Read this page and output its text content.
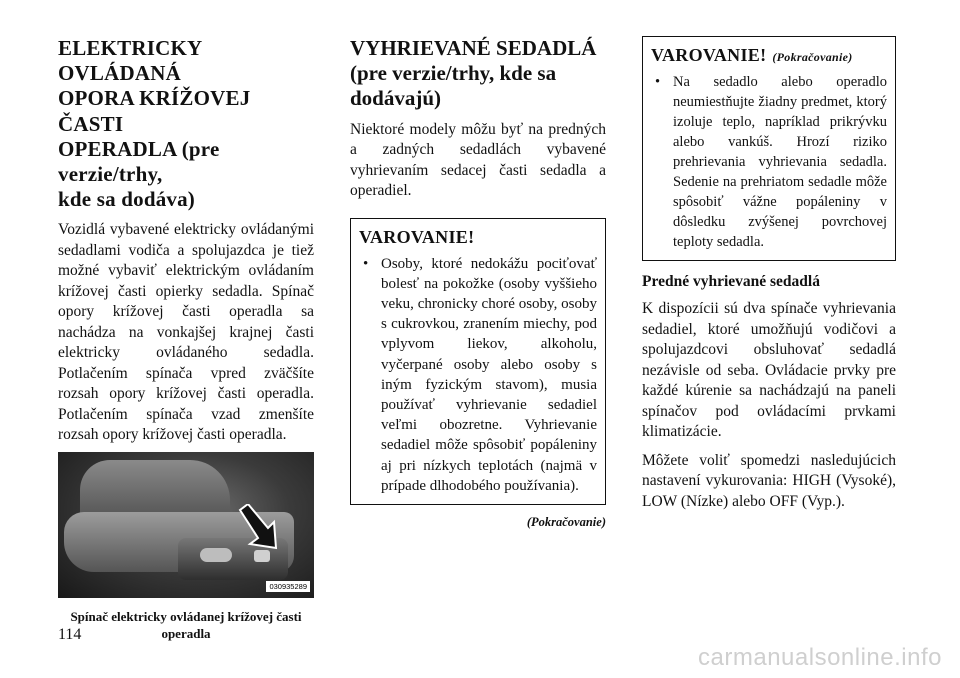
ELEKTRICKY OVLÁDANÁ
OPORA KRÍŽOVEJ ČASTI
OPERADLA (pre verzie/trhy,
kde sa dodáva)

Vozidlá vybavené elektricky ovládanými sedadlami vodiča a spolujazdca je tiež možné vybaviť elektrickým ovládaním krížovej časti opierky sedadla. Spínač opory krížovej časti operadla sa nachádza na vonkajšej krajnej časti elektricky ovládaného sedadla. Potlačením spínača vpred zväčšíte rozsah opory krížovej časti operadla. Potlačením spínača vzad zmenšíte rozsah opory krížovej časti operadla.

030935289
Spínač elektricky ovládanej krížovej časti
operadla
VYHRIEVANÉ SEDADLÁ
(pre verzie/trhy, kde sa
dodávajú)

Niektoré modely môžu byť na predných a zadných sedadlách vybavené vyhrievaním sedacej časti sedadla a operadiel.

VAROVANIE!
• Osoby, ktoré nedokážu pociťovať bolesť na pokožke (osoby vyššieho veku, chronicky choré osoby, osoby s cukrovkou, zranením miechy, pod vplyvom liekov, alkoholu, vyčerpané osoby alebo osoby s iným fyzickým stavom), musia používať vyhrievanie sedadiel veľmi obozretne. Vyhrievanie sedadiel môže spôsobiť popáleniny aj pri nízkych teplotách (najmä v prípade dlhodobého používania).
(Pokračovanie)
VAROVANIE! (Pokračovanie)
• Na sedadlo alebo operadlo neumiestňujte žiadny predmet, ktorý izoluje teplo, napríklad prikrývku alebo vankúš. Hrozí riziko prehrievania vyhrievania sedadla. Sedenie na prehriatom sedadle môže spôsobiť vážne popáleniny v dôsledku zvýšenej povrchovej teploty sedadla.
Predné vyhrievané sedadlá

K dispozícii sú dva spínače vyhrievania sedadiel, ktoré umožňujú vodičovi a spolujazdcovi obsluhovať sedadlá nezávisle od seba. Ovládacie prvky pre každé kúrenie sa nachádzajú na paneli spínačov pod ovládacími prvkami klimatizácie.

Môžete voliť spomedzi nasledujúcich nastavení vykurovania: HIGH (Vysoké), LOW (Nízke) alebo OFF (Vyp.).

114
carmanualsonline.info
